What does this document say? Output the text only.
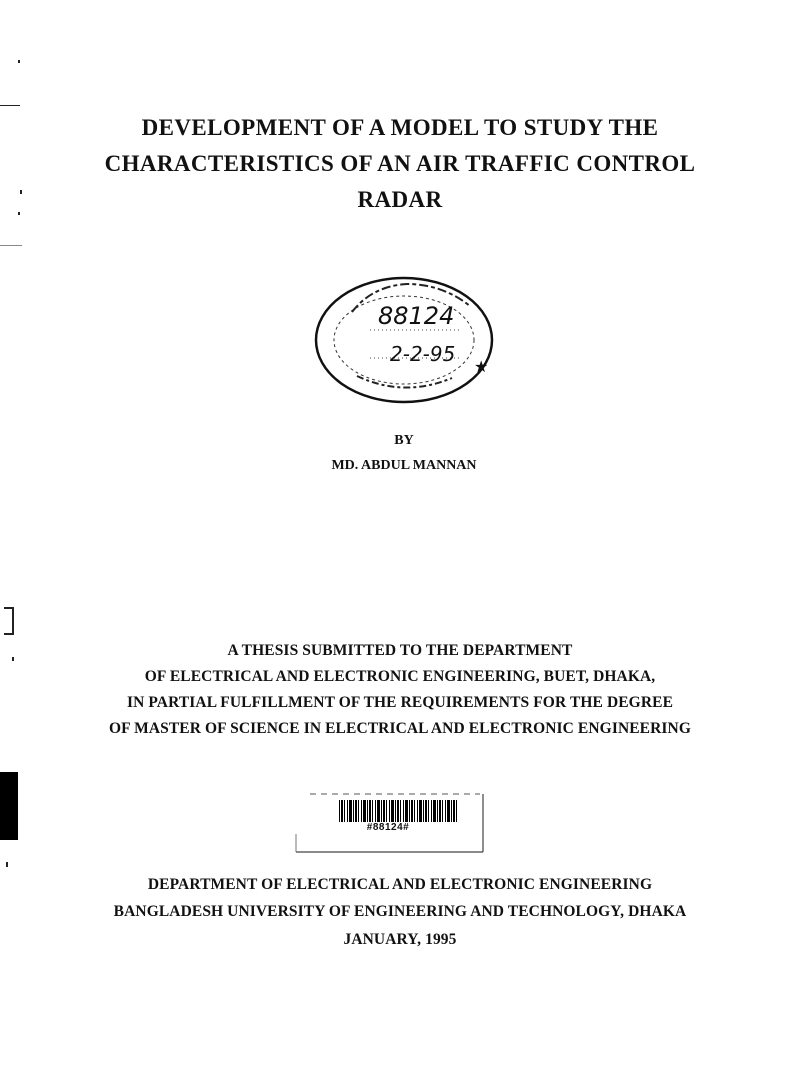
DEVELOPMENT OF A MODEL TO STUDY THE
CHARACTERISTICS OF AN AIR TRAFFIC CONTROL
RADAR
★
88124
2-2-95
BY
MD. ABDUL MANNAN
A THESIS SUBMITTED TO THE DEPARTMENT
OF ELECTRICAL AND ELECTRONIC ENGINEERING, BUET, DHAKA,
IN PARTIAL FULFILLMENT OF THE REQUIREMENTS FOR THE DEGREE
OF MASTER OF SCIENCE IN ELECTRICAL AND ELECTRONIC ENGINEERING
#88124#
DEPARTMENT OF ELECTRICAL AND ELECTRONIC ENGINEERING
BANGLADESH UNIVERSITY OF ENGINEERING AND TECHNOLOGY, DHAKA
JANUARY, 1995
